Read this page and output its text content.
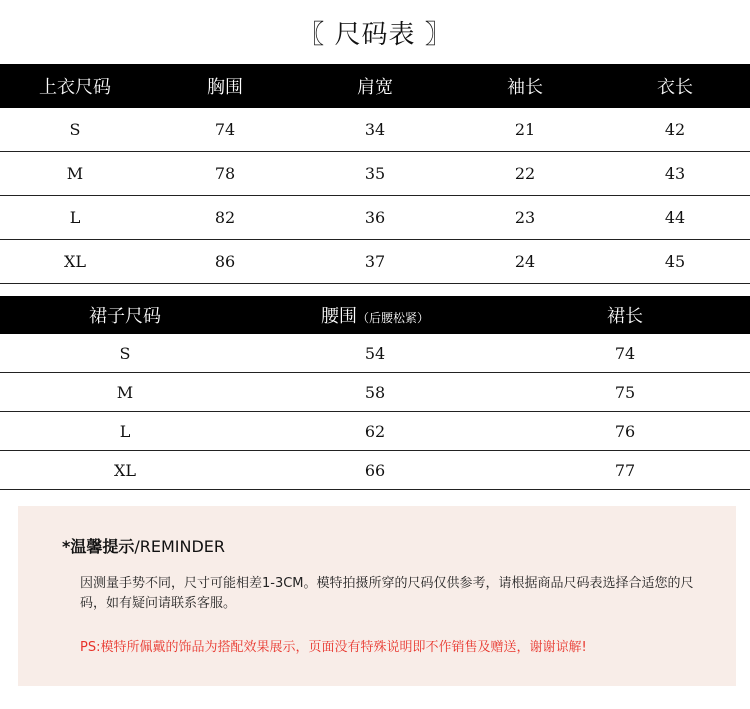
〖 尺码表 〗
上衣尺码	胸围	肩宽	袖长	衣长
S	74	34	21	42
M	78	35	22	43
L	82	36	23	44
XL	86	37	24	45
裙子尺码	腰围（后腰松紧）	裙长
S	54	74
M	58	75
L	62	76
XL	66	77
*温馨提示/REMINDER
因测量手势不同，尺寸可能相差1-3CM。模特拍摄所穿的尺码仅供参考，请根据商品尺码表选择合适您的尺码，如有疑问请联系客服。
PS:模特所佩戴的饰品为搭配效果展示，页面没有特殊说明即不作销售及赠送，谢谢谅解!
